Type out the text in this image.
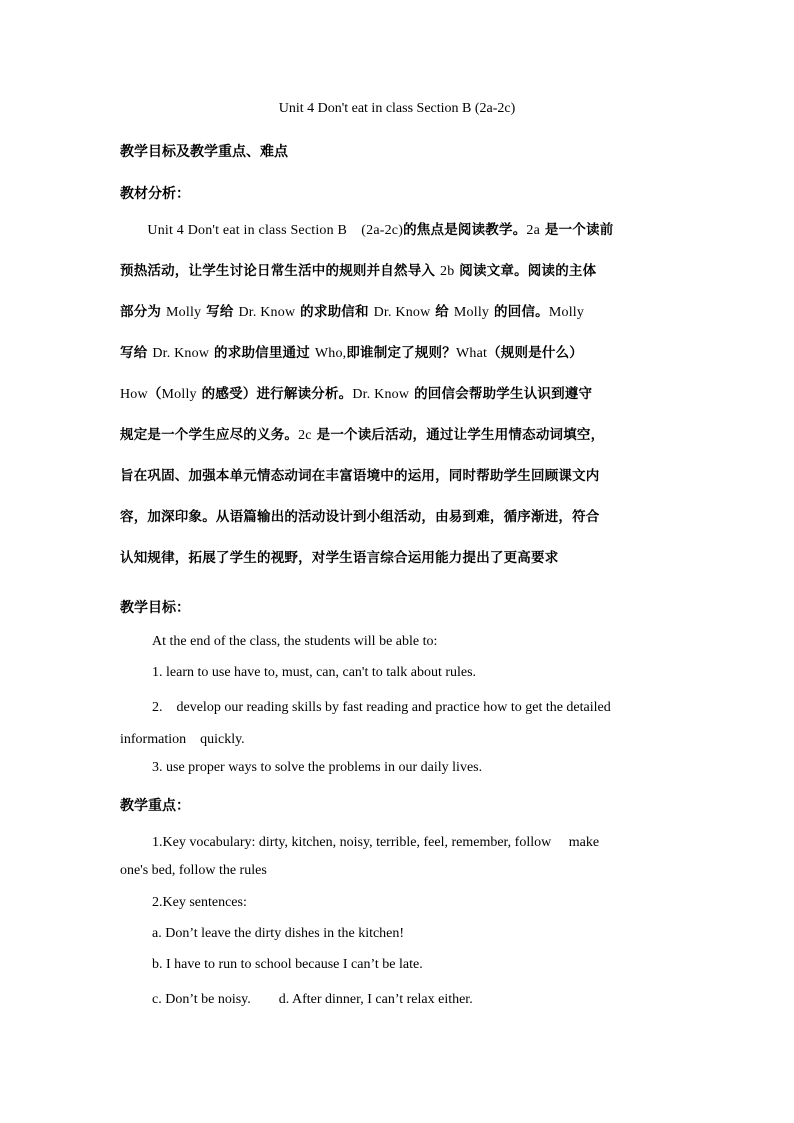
Unit 4 Don't eat in class Section B (2a-2c)
教学目标及教学重点、难点
教材分析：

  Unit 4 Don't eat in class Section B　(2a-2c)的焦点是阅读教学。2a 是一个读前

预热活动，让学生讨论日常生活中的规则并自然导入 2b 阅读文章。阅读的主体

部分为 Molly 写给 Dr. Know 的求助信和 Dr. Know 给 Molly 的回信。Molly

写给 Dr. Know 的求助信里通过 Who,即谁制定了规则？What（规则是什么）

How（Molly 的感受）进行解读分析。Dr. Know 的回信会帮助学生认识到遵守

规定是一个学生应尽的义务。2c 是一个读后活动，通过让学生用情态动词填空，

旨在巩固、加强本单元情态动词在丰富语境中的运用，同时帮助学生回顾课文内

容，加深印象。从语篇输出的活动设计到小组活动，由易到难，循序渐进，符合

认知规律，拓展了学生的视野，对学生语言综合运用能力提出了更高要求

教学目标：
At the end of the class, the students will be able to:
1. learn to use have to, must, can, can't to talk about rules.
2.　develop our reading skills by fast reading and practice how to get the detailed
information　quickly.
3. use proper ways to solve the problems in our daily lives.
教学重点：
1.Key vocabulary: dirty, kitchen, noisy, terrible, feel, remember, follow　 make
one's bed, follow the rules
2.Key sentences:
a. Don’t leave the dirty dishes in the kitchen!
b. I have to run to school because I can’t be late.
c. Don’t be noisy.　　d. After dinner, I can’t relax either.
